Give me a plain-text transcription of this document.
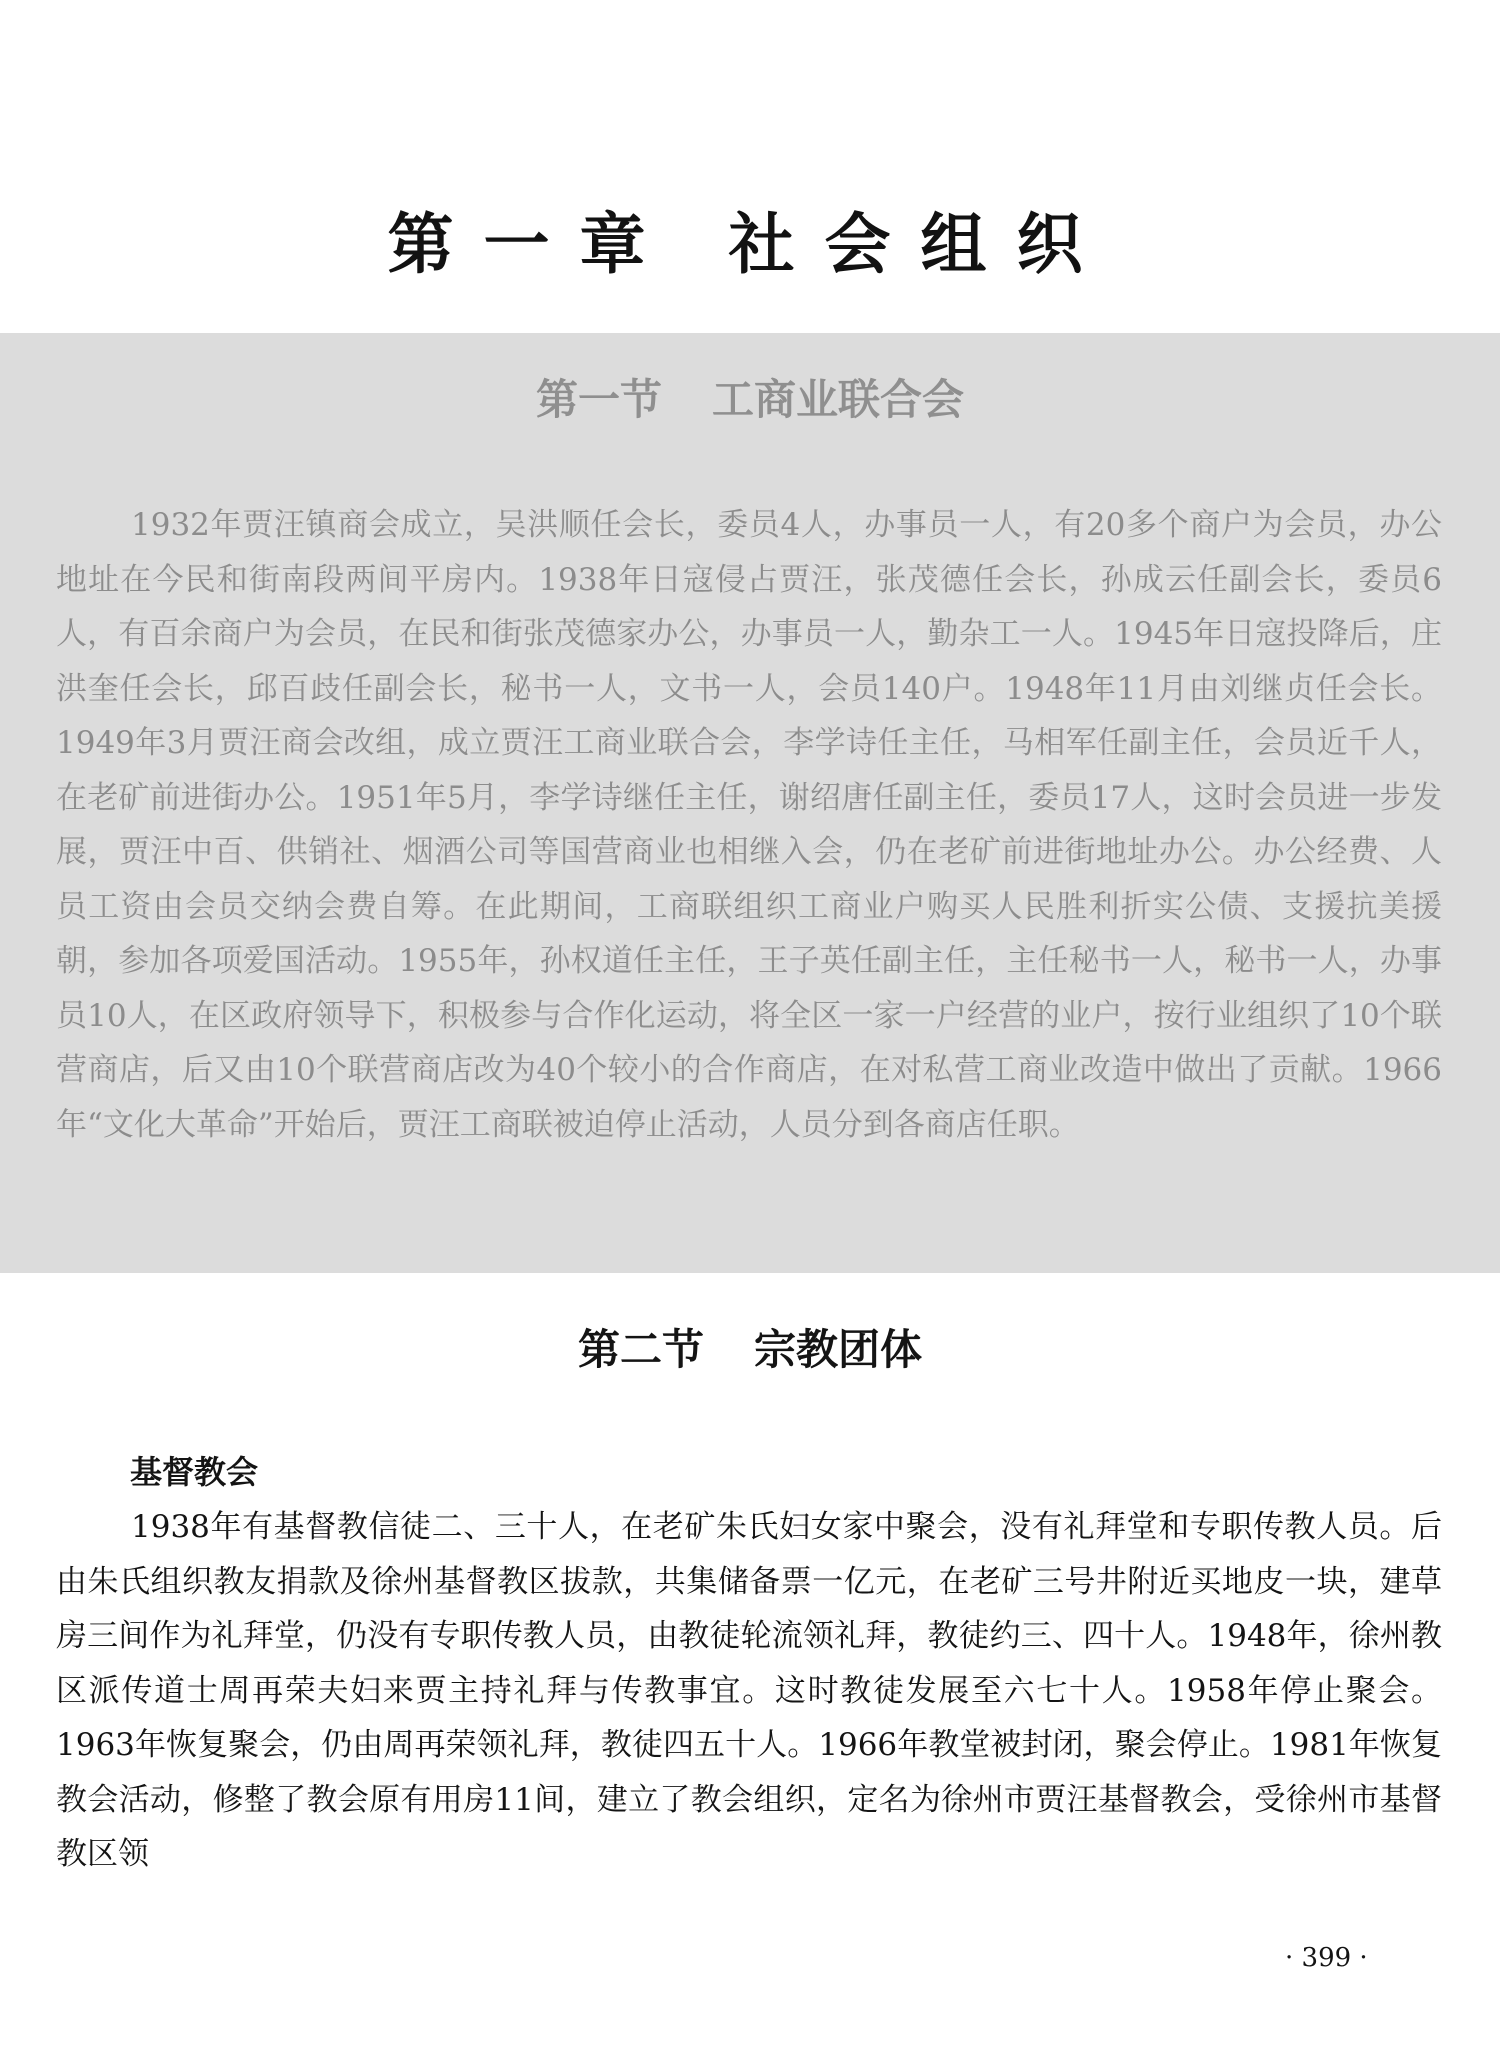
第一章 社会组织
第一节 工商业联合会

1932年贾汪镇商会成立，吴洪顺任会长，委员4人，办事员一人，有20多个商户为会员，办公地址在今民和街南段两间平房内。1938年日寇侵占贾汪，张茂德任会长，孙成云任副会长，委员6人，有百余商户为会员，在民和街张茂德家办公，办事员一人，勤杂工一人。1945年日寇投降后，庄洪奎任会长，邱百歧任副会长，秘书一人，文书一人，会员140户。1948年11月由刘继贞任会长。1949年3月贾汪商会改组，成立贾汪工商业联合会，李学诗任主任，马相军任副主任，会员近千人，在老矿前进街办公。1951年5月，李学诗继任主任，谢绍唐任副主任，委员17人，这时会员进一步发展，贾汪中百、供销社、烟酒公司等国营商业也相继入会，仍在老矿前进街地址办公。办公经费、人员工资由会员交纳会费自筹。在此期间，工商联组织工商业户购买人民胜利折实公债、支援抗美援朝，参加各项爱国活动。1955年，孙权道任主任，王子英任副主任，主任秘书一人，秘书一人，办事员10人，在区政府领导下，积极参与合作化运动，将全区一家一户经营的业户，按行业组织了10个联营商店，后又由10个联营商店改为40个较小的合作商店，在对私营工商业改造中做出了贡献。1966年“文化大革命”开始后，贾汪工商联被迫停止活动，人员分到各商店任职。

第二节 宗教团体
基督教会

1938年有基督教信徒二、三十人，在老矿朱氏妇女家中聚会，没有礼拜堂和专职传教人员。后由朱氏组织教友捐款及徐州基督教区拔款，共集储备票一亿元，在老矿三号井附近买地皮一块，建草房三间作为礼拜堂，仍没有专职传教人员，由教徒轮流领礼拜，教徒约三、四十人。1948年，徐州教区派传道士周再荣夫妇来贾主持礼拜与传教事宜。这时教徒发展至六七十人。1958年停止聚会。1963年恢复聚会，仍由周再荣领礼拜，教徒四五十人。1966年教堂被封闭，聚会停止。1981年恢复教会活动，修整了教会原有用房11间，建立了教会组织，定名为徐州市贾汪基督教会，受徐州市基督教区领

· 399 ·
